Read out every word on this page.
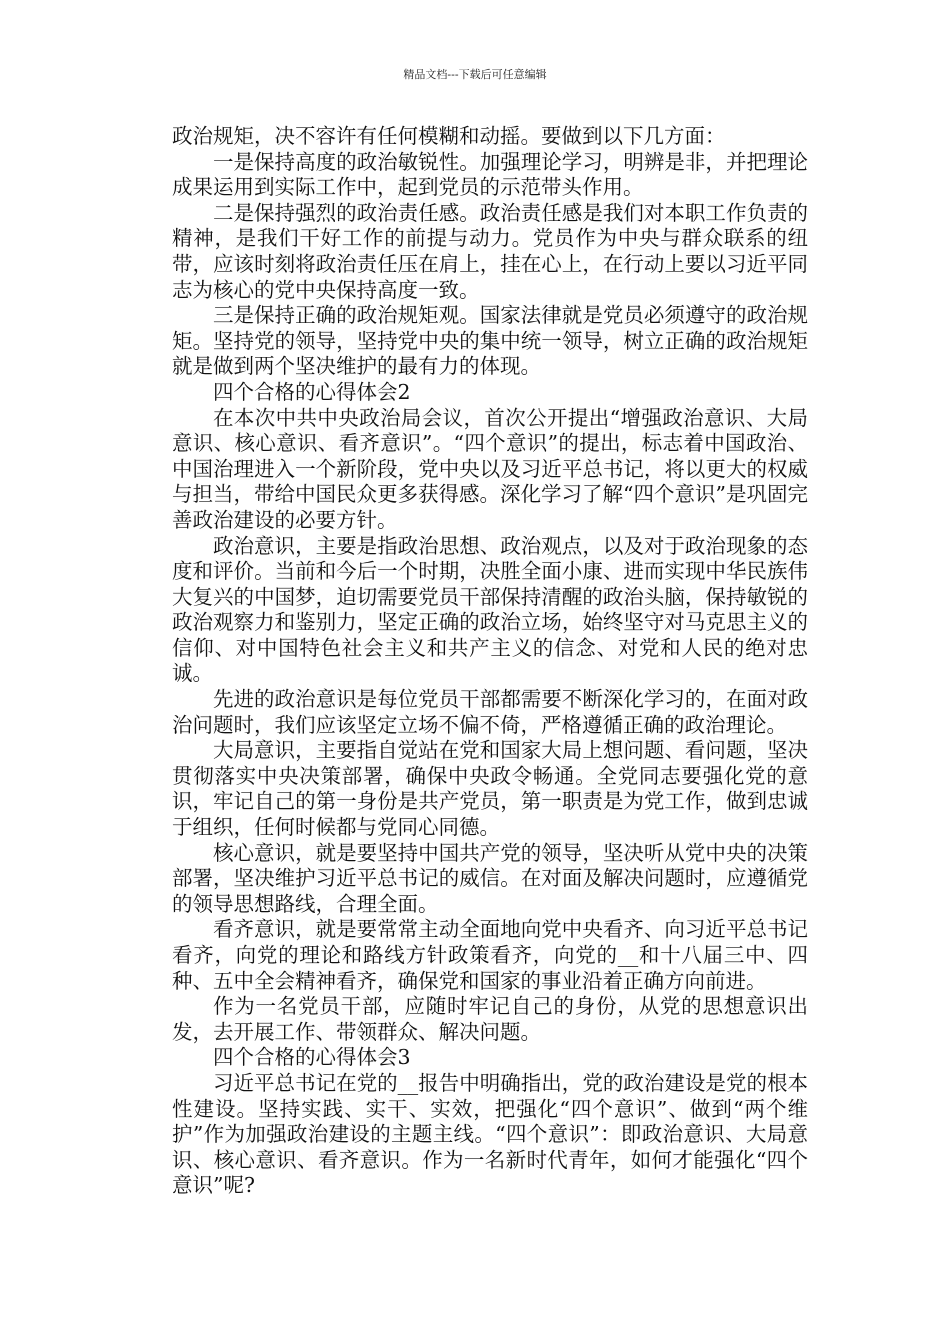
精品文档---下载后可任意编辑

政治规矩，决不容许有任何模糊和动摇。要做到以下几方面：

一是保持高度的政治敏锐性。加强理论学习，明辨是非，并把理论成果运用到实际工作中，起到党员的示范带头作用。

二是保持强烈的政治责任感。政治责任感是我们对本职工作负责的精神，是我们干好工作的前提与动力。党员作为中央与群众联系的纽带，应该时刻将政治责任压在肩上，挂在心上，在行动上要以习近平同志为核心的党中央保持高度一致。

三是保持正确的政治规矩观。国家法律就是党员必须遵守的政治规矩。坚持党的领导，坚持党中央的集中统一领导，树立正确的政治规矩就是做到两个坚决维护的最有力的体现。

四个合格的心得体会2

在本次中共中央政治局会议，首次公开提出“增强政治意识、大局意识、核心意识、看齐意识”。“四个意识”的提出，标志着中国政治、中国治理进入一个新阶段，党中央以及习近平总书记，将以更大的权威与担当，带给中国民众更多获得感。深化学习了解“四个意识”是巩固完善政治建设的必要方针。

政治意识，主要是指政治思想、政治观点，以及对于政治现象的态度和评价。当前和今后一个时期，决胜全面小康、进而实现中华民族伟大复兴的中国梦，迫切需要党员干部保持清醒的政治头脑，保持敏锐的政治观察力和鉴别力，坚定正确的政治立场，始终坚守对马克思主义的信仰、对中国特色社会主义和共产主义的信念、对党和人民的绝对忠诚。

先进的政治意识是每位党员干部都需要不断深化学习的，在面对政治问题时，我们应该坚定立场不偏不倚，严格遵循正确的政治理论。

大局意识，主要指自觉站在党和国家大局上想问题、看问题，坚决贯彻落实中央决策部署，确保中央政令畅通。全党同志要强化党的意识，牢记自己的第一身份是共产党员，第一职责是为党工作，做到忠诚于组织，任何时候都与党同心同德。

核心意识，就是要坚持中国共产党的领导，坚决听从党中央的决策部署，坚决维护习近平总书记的威信。在对面及解决问题时，应遵循党的领导思想路线，合理全面。

看齐意识，就是要常常主动全面地向党中央看齐、向习近平总书记看齐，向党的理论和路线方针政策看齐，向党的__和十八届三中、四种、五中全会精神看齐，确保党和国家的事业沿着正确方向前进。

作为一名党员干部，应随时牢记自己的身份，从党的思想意识出发，去开展工作、带领群众、解决问题。

四个合格的心得体会3

习近平总书记在党的__报告中明确指出，党的政治建设是党的根本性建设。坚持实践、实干、实效，把强化“四个意识”、做到“两个维护”作为加强政治建设的主题主线。“四个意识”：即政治意识、大局意识、核心意识、看齐意识。作为一名新时代青年，如何才能强化“四个意识”呢?
